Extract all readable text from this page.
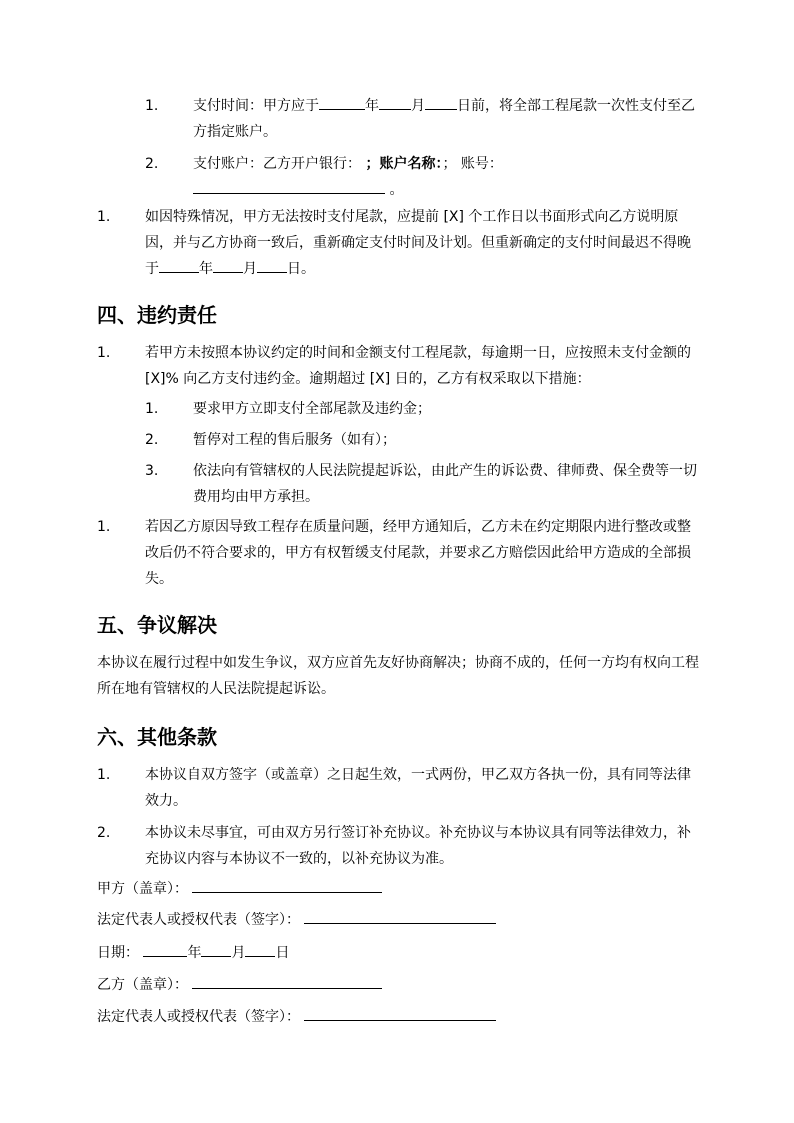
1. 支付时间：甲方应于	年 月 日前，将全部工程尾款一次性支付至乙方指定账户。
2. 支付账户：乙方开户银行： ；账户名称：； 账号：
。
1. 如因特殊情况，甲方无法按时支付尾款，应提前 [X] 个工作日以书面形式向乙方说明原因，并与乙方协商一致后，重新确定支付时间及计划。但重新确定的支付时间最迟不得晚于	年 月 日。
四、违约责任
1. 若甲方未按照本协议约定的时间和金额支付工程尾款，每逾期一日，应按照未支付金额的 [X]% 向乙方支付违约金。逾期超过 [X] 日的，乙方有权采取以下措施：
1. 要求甲方立即支付全部尾款及违约金；
2. 暂停对工程的售后服务（如有）；
3. 依法向有管辖权的人民法院提起诉讼，由此产生的诉讼费、律师费、保全费等一切费用均由甲方承担。
1. 若因乙方原因导致工程存在质量问题，经甲方通知后，乙方未在约定期限内进行整改或整改后仍不符合要求的，甲方有权暂缓支付尾款，并要求乙方赔偿因此给甲方造成的全部损失。
五、争议解决

本协议在履行过程中如发生争议，双方应首先友好协商解决；协商不成的，任何一方均有权向工程所在地有管辖权的人民法院提起诉讼。

六、其他条款
1. 本协议自双方签字（或盖章）之日起生效，一式两份，甲乙双方各执一份，具有同等法律效力。
2. 本协议未尽事宜，可由双方另行签订补充协议。补充协议与本协议具有同等法律效力，补充协议内容与本协议不一致的，以补充协议为准。
甲方（盖章）：
法定代表人或授权代表（签字）：
日期：	年 月 日
乙方（盖章）：
法定代表人或授权代表（签字）：
